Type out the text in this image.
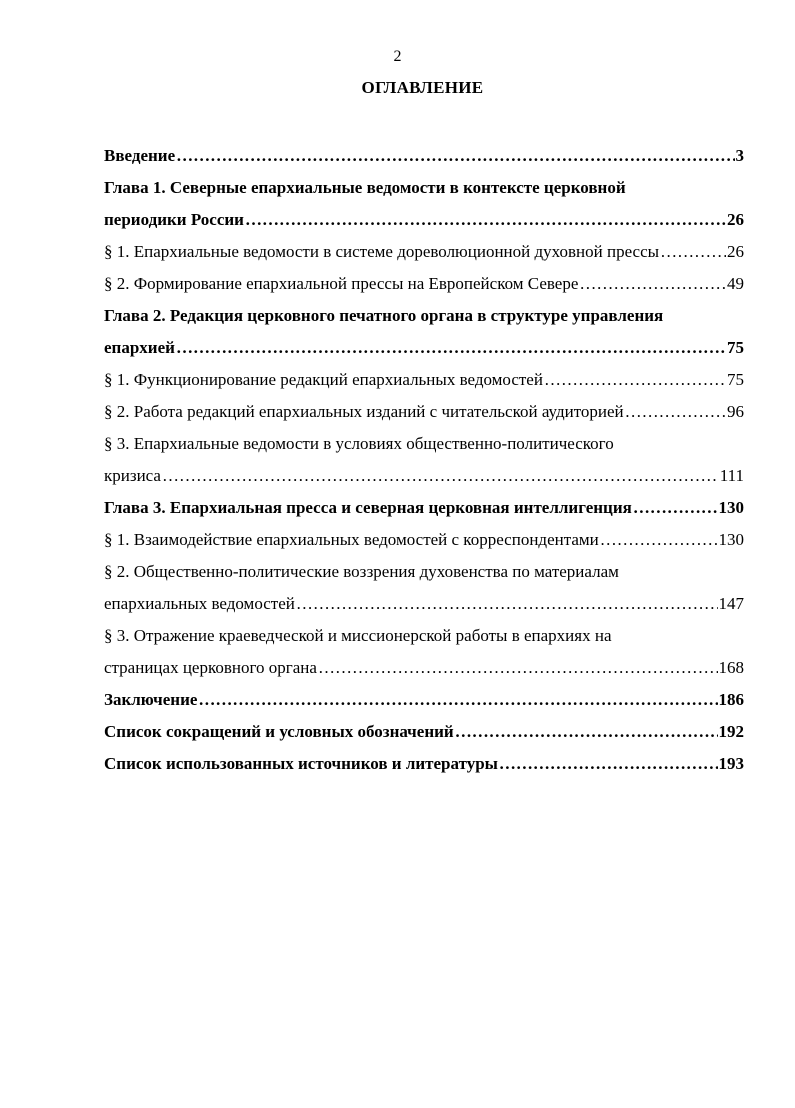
2
ОГЛАВЛЕНИЕ
Введение …………………………………………………………………………………………………………………………………………………………………………………………	3
Глава 1. Северные епархиальные ведомости в контексте церковной
периодики России …………………………………………………………………………………………………………………………………………………………………………………………	26
§ 1. Епархиальные ведомости в системе дореволюционной духовной прессы …………………………………………………………………………………………………………………………………………………………………………………………	26
§ 2. Формирование епархиальной прессы на Европейском Севере …………………………………………………………………………………………………………………………………………………………………………………………	49
Глава 2. Редакция церковного печатного органа в структуре управления
епархией …………………………………………………………………………………………………………………………………………………………………………………………	75
§ 1. Функционирование редакций епархиальных ведомостей …………………………………………………………………………………………………………………………………………………………………………………………	75
§ 2. Работа редакций епархиальных изданий с читательской аудиторией …………………………………………………………………………………………………………………………………………………………………………………………	96
§ 3. Епархиальные ведомости в условиях общественно-политического
кризиса …………………………………………………………………………………………………………………………………………………………………………………………	111
Глава 3. Епархиальная пресса и северная церковная интеллигенция …………………………………………………………………………………………………………………………………………………………………………………………	130
§ 1. Взаимодействие епархиальных ведомостей с корреспондентами …………………………………………………………………………………………………………………………………………………………………………………………	130
§ 2. Общественно-политические воззрения духовенства по материалам
епархиальных ведомостей …………………………………………………………………………………………………………………………………………………………………………………………	147
§ 3. Отражение краеведческой и миссионерской работы в епархиях на
страницах церковного органа …………………………………………………………………………………………………………………………………………………………………………………………	168
Заключение …………………………………………………………………………………………………………………………………………………………………………………………	186
Список сокращений и условных обозначений …………………………………………………………………………………………………………………………………………………………………………………………	192
Список использованных источников и литературы …………………………………………………………………………………………………………………………………………………………………………………………	193
